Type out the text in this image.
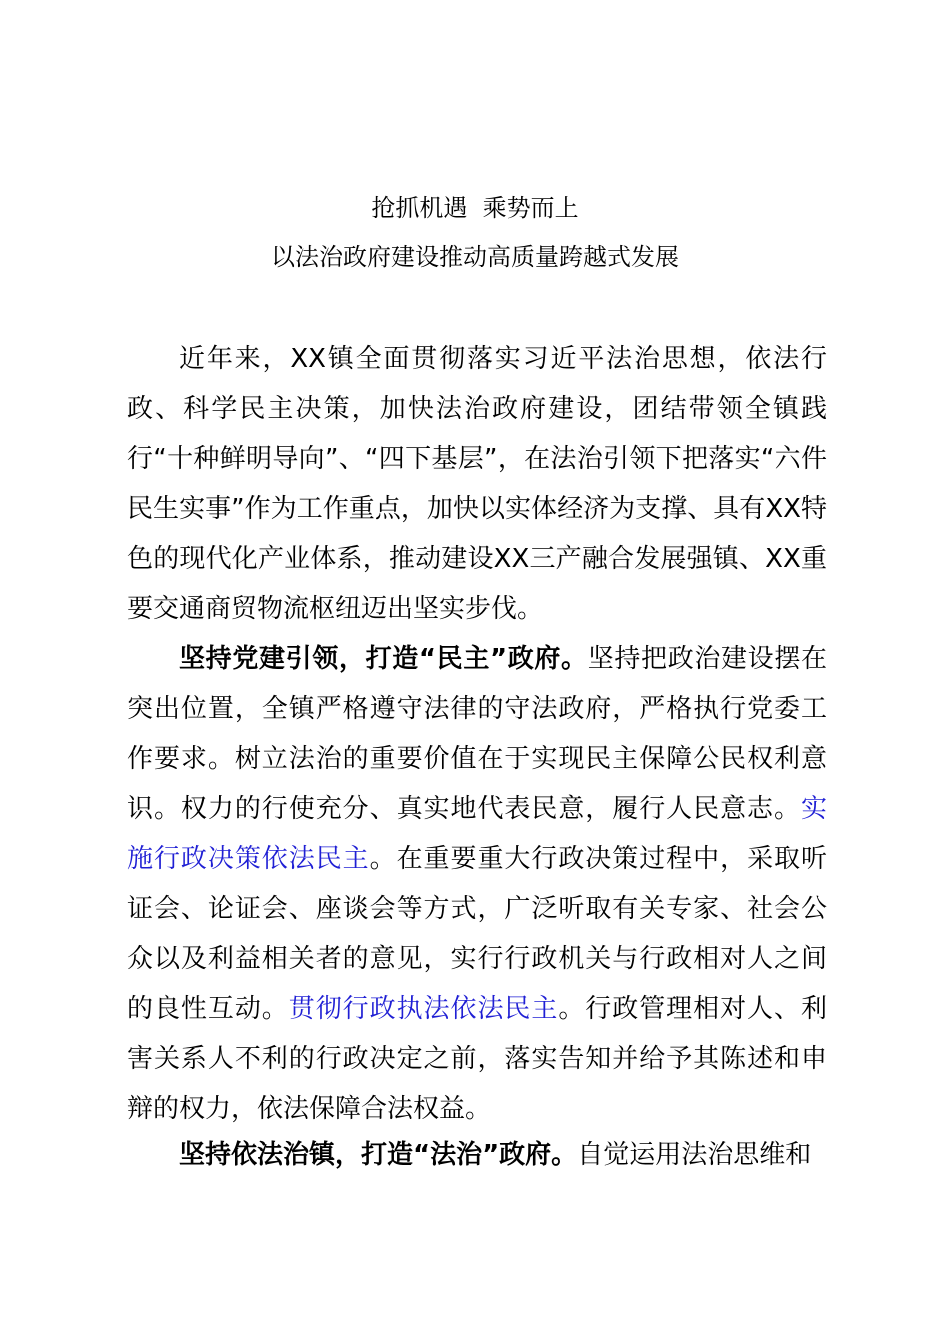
抢抓机遇  乘势而上
以法治政府建设推动高质量跨越式发展

近年来，XX镇全面贯彻落实习近平法治思想，依法行政、科学民主决策，加快法治政府建设，团结带领全镇践行“十种鲜明导向”、“四下基层”，在法治引领下把落实“六件民生实事”作为工作重点，加快以实体经济为支撑、具有XX特色的现代化产业体系，推动建设XX三产融合发展强镇、XX重要交通商贸物流枢纽迈出坚实步伐。

坚持党建引领，打造“民主”政府。坚持把政治建设摆在突出位置，全镇严格遵守法律的守法政府，严格执行党委工作要求。树立法治的重要价值在于实现民主保障公民权利意识。权力的行使充分、真实地代表民意，履行人民意志。实施行政决策依法民主。在重要重大行政决策过程中，采取听证会、论证会、座谈会等方式，广泛听取有关专家、社会公众以及利益相关者的意见，实行行政机关与行政相对人之间的良性互动。贯彻行政执法依法民主。行政管理相对人、利害关系人不利的行政决定之前，落实告知并给予其陈述和申辩的权力，依法保障合法权益。

坚持依法治镇，打造“法治”政府。自觉运用法治思维和
